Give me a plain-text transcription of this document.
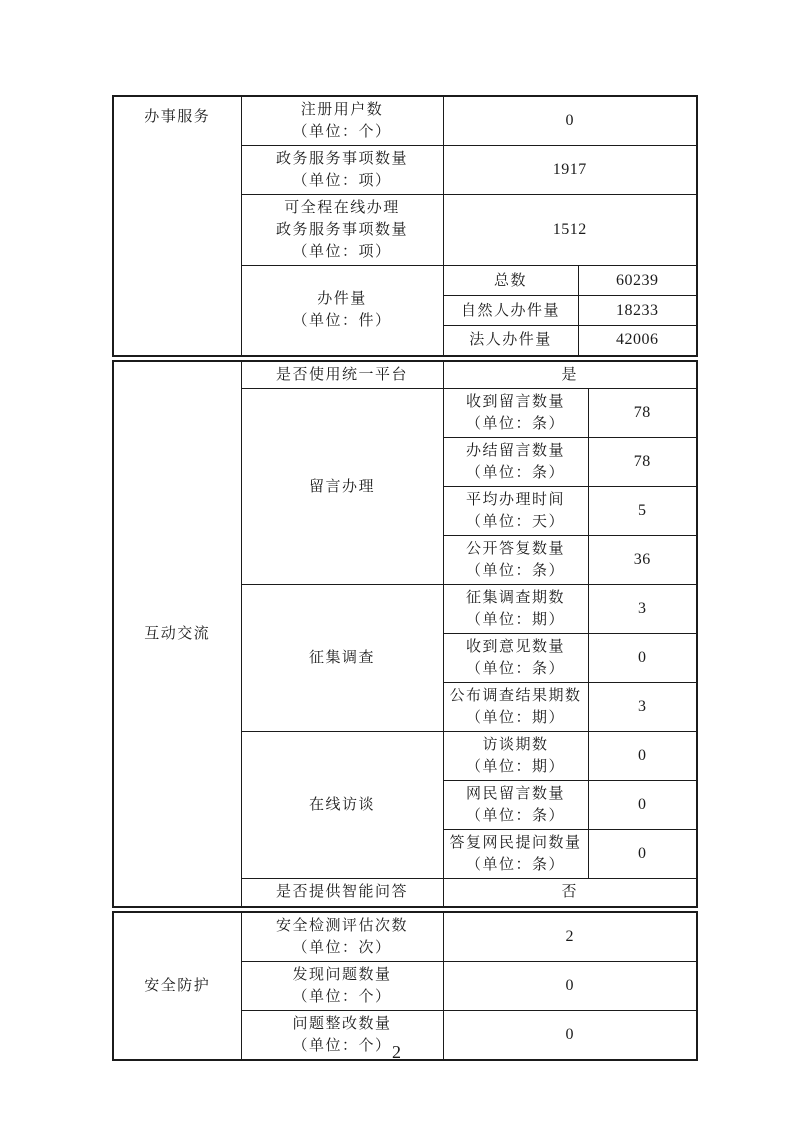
办事服务	注册用户数
（单位：个）	0	

	政务服务事项数量
（单位：项）	1917	

	可全程在线办理
政务服务事项数量
（单位：项）	1512	

	办件量
（单位：件）	总数	60239
		自然人办件量	18233
		法人办件量	42006
互动交流	是否使用统一平台	是	
	留言办理	收到留言数量
（单位：条）	78

		办结留言数量
（单位：条）	78

		平均办理时间
（单位：天）	5

		公开答复数量
（单位：条）	36
	征集调查	征集调查期数
（单位：期）	3

		收到意见数量
（单位：条）	0

		公布调查结果期数
（单位：期）	3
	在线访谈	访谈期数
（单位：期）	0

		网民留言数量
（单位：条）	0

		答复网民提问数量
（单位：条）	0
	是否提供智能问答	否	
安全防护	安全检测评估次数
（单位：次）	2

	发现问题数量
（单位：个）	0

	问题整改数量
（单位：个）	0
2
